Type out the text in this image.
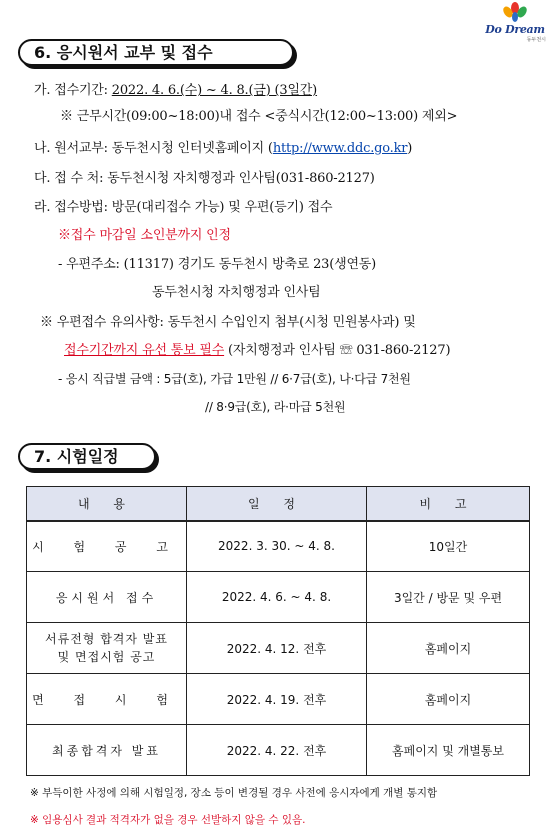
Do Dream
동두천시
6. 응시원서 교부 및 접수
가. 접수기간: 2022. 4. 6.(수) ~ 4. 8.(금) (3일간)
※ 근무시간(09:00~18:00)내 접수 <중식시간(12:00~13:00) 제외>
나. 원서교부: 동두천시청 인터넷홈페이지 (http://www.ddc.go.kr)
다. 접 수 처: 동두천시청 자치행정과 인사팀(031-860-2127)
라. 접수방법: 방문(대리접수 가능) 및 우편(등기) 접수
※접수 마감일 소인분까지 인정
- 우편주소: (11317) 경기도 동두천시 방축로 23(생연동)
동두천시청 자치행정과 인사팀
※ 우편접수 유의사항: 동두천시 수입인지 첨부(시청 민원봉사과) 및
접수기간까지 유선 통보 필수 (자치행정과 인사팀 ☏ 031-860-2127)
- 응시 직급별 금액 : 5급(호), 가급 1만원 // 6·7급(호), 나·다급 7천원
// 8·9급(호), 라·마급 5천원
7. 시험일정
내 용	일 정	비 고
시 험 공 고	2022. 3. 30. ~ 4. 8.	10일간
응시원서 접수	2022. 4. 6. ~ 4. 8.	3일간 / 방문 및 우편

서류전형 합격자 발표
및 면접시험 공고	2022. 4. 12. 전후	홈페이지
면 접 시 험	2022. 4. 19. 전후	홈페이지
최종합격자 발표	2022. 4. 22. 전후	홈페이지 및 개별통보
※ 부득이한 사정에 의해 시험일정, 장소 등이 변경될 경우 사전에 응시자에게 개별 통지함
※ 임용심사 결과 적격자가 없을 경우 선발하지 않을 수 있음.
